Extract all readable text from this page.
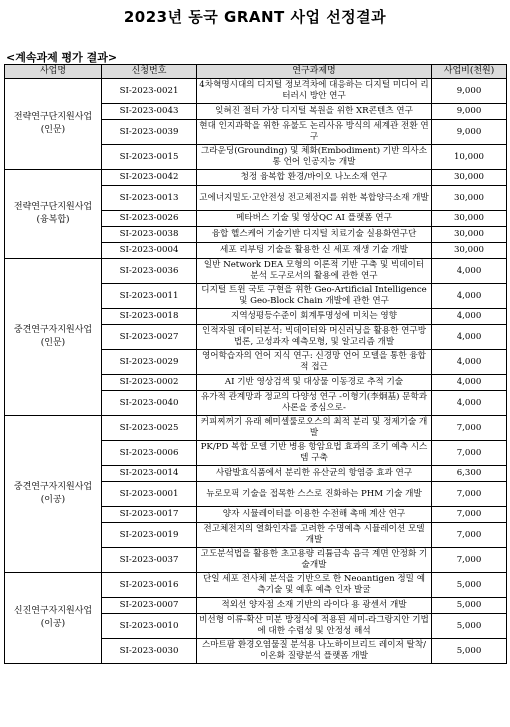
2023년 동국 GRANT 사업 선정결과
<계속과제 평가 결과>
사업명	신청번호	연구과제명	사업비(천원)

전략연구단지원사업
(인문)	SI-2023-0021	4차혁명시대의 디지털 정보격차에 대응하는 디지털 미디어 리터러시 방안 연구	9,000
	SI-2023-0043	잊혀진 절터 가상 디지털 복원을 위한 XR콘텐츠 연구	9,000
	SI-2023-0039	현대 인지과학을 위한 유불도 논리사유 방식의 세계관 전환 연구	9,000
	SI-2023-0015	그라운딩(Grounding) 및 체화(Embodiment) 기반 의사소통 언어 인공지능 개발	10,000

전략연구단지원사업
(융복합)	SI-2023-0042	청정 융복합 환경/바이오 나노소재 연구	30,000
	SI-2023-0013	고에너지밀도·고안전성 전고체전지를 위한 복합양극소재 개발	30,000
	SI-2023-0026	메타버스 기술 및 영상QC AI 플랫폼 연구	30,000
	SI-2023-0038	융합 헬스케어 기술기반 디지털 치료기술 실용화연구단	30,000
	SI-2023-0004	세포 리부팅 기술을 활용한 신 세포 재생 기술 개발	30,000

중견연구자지원사업
(인문)	SI-2023-0036	일반 Network DEA 모형의 이론적 기반 구축 및 빅데이터 분석 도구로서의 활용에 관한 연구	4,000
	SI-2023-0011	디지털 트윈 국토 구현을 위한 Geo-Artificial Intelligence 및 Geo-Block Chain 개발에 관한 연구	4,000
	SI-2023-0018	지역성평등수준이 회계투명성에 미치는 영향	4,000
	SI-2023-0027	인적자원 데이터분석: 빅데이터와 머신러닝을 활용한 연구방법론, 고성과자 예측모형, 및 알고리즘 개발	4,000
	SI-2023-0029	영어학습자의 언어 지식 연구: 신경망 언어 모델을 통한 융합적 접근	4,000
	SI-2023-0002	AI 기반 영상검색 및 대상물 이동경로 추적 기술	4,000
	SI-2023-0040	유가적 관계망과 정교의 다양성 연구 -이형기(李炯基) 문학과 사론을 중심으로-	4,000

중견연구자지원사업
(이공)	SI-2023-0025	커피찌꺼기 유래 헤미셀룰로오스의 최적 분리 및 정제기술 개발	7,000
	SI-2023-0006	PK/PD 복합 모델 기반 병용 항암요법 효과의 조기 예측 시스템 구축	7,000
	SI-2023-0014	사람발효식품에서 분리한 유산균의 항염증 효과 연구	6,300
	SI-2023-0001	뉴로모픽 기술을 접목한 스스로 진화하는 PHM 기술 개발	7,000
	SI-2023-0017	양자 시뮬레이터를 이용한 수전해 촉매 계산 연구	7,000
	SI-2023-0019	전고체전지의 열화인자를 고려한 수명예측 시뮬레이션 모델 개발	7,000
	SI-2023-0037	고도분석법을 활용한 초고용량 리튬금속 음극 계면 안정화 기술개발	7,000

신진연구자지원사업
(이공)	SI-2023-0016	단일 세포 전사체 분석을 기반으로 한 Neoantigen 정밀 예측기술 및 예후 예측 인자 발굴	5,000
	SI-2023-0007	적외선 양자점 소재 기반의 라이다 용 광센서 개발	5,000
	SI-2023-0010	비선형 이류-확산 미분 방정식에 적용된 세미-라그랑지안 기법에 대한 수렴성 및 안정성 해석	5,000
	SI-2023-0030	스마트팜 환경오염물질 분석용 나노하이브리드 레이저 탈착/이온화 질량분석 플랫폼 개발	5,000
